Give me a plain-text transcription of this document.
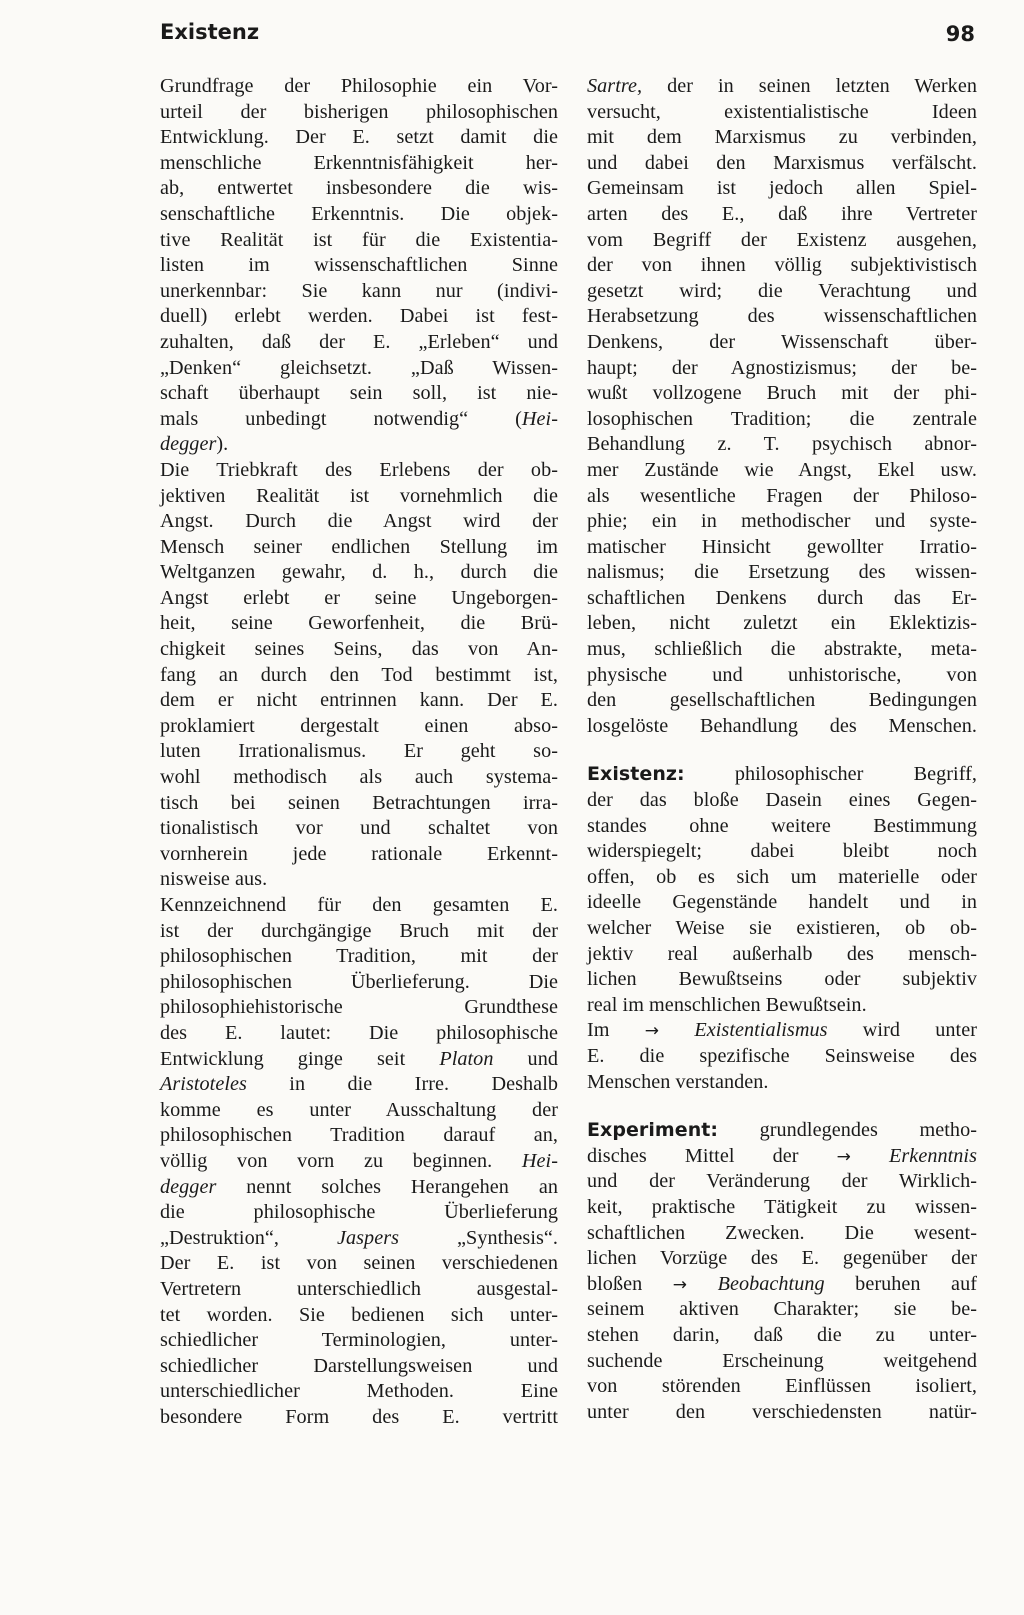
Existenz	98
Grundfrage der Philosophie ein Vor-
urteil der bisherigen philosophischen
Entwicklung. Der E. setzt damit die
menschliche Erkenntnisfähigkeit her-
ab, entwertet insbesondere die wis-
senschaftliche Erkenntnis. Die objek-
tive Realität ist für die Existentia-
listen im wissenschaftlichen Sinne
unerkennbar: Sie kann nur (indivi-
duell) erlebt werden. Dabei ist fest-
zuhalten, daß der E. „Erleben“ und
„Denken“ gleichsetzt. „Daß Wissen-
schaft überhaupt sein soll, ist nie-
mals unbedingt notwendig“ (Hei-
degger).
Die Triebkraft des Erlebens der ob-
jektiven Realität ist vornehmlich die
Angst. Durch die Angst wird der
Mensch seiner endlichen Stellung im
Weltganzen gewahr, d. h., durch die
Angst erlebt er seine Ungeborgen-
heit, seine Geworfenheit, die Brü-
chigkeit seines Seins, das von An-
fang an durch den Tod bestimmt ist,
dem er nicht entrinnen kann. Der E.
proklamiert dergestalt einen abso-
luten Irrationalismus. Er geht so-
wohl methodisch als auch systema-
tisch bei seinen Betrachtungen irra-
tionalistisch vor und schaltet von
vornherein jede rationale Erkennt-
nisweise aus.
Kennzeichnend für den gesamten E.
ist der durchgängige Bruch mit der
philosophischen Tradition, mit der
philosophischen Überlieferung. Die
philosophiehistorische Grundthese
des E. lautet: Die philosophische
Entwicklung ginge seit Platon und
Aristoteles in die Irre. Deshalb
komme es unter Ausschaltung der
philosophischen Tradition darauf an,
völlig von vorn zu beginnen. Hei-
degger nennt solches Herangehen an
die philosophische Überlieferung
„Destruktion“, Jaspers „Synthesis“.
Der E. ist von seinen verschiedenen
Vertretern unterschiedlich ausgestal-
tet worden. Sie bedienen sich unter-
schiedlicher Terminologien, unter-
schiedlicher Darstellungsweisen und
unterschiedlicher Methoden. Eine
besondere Form des E. vertritt
Sartre, der in seinen letzten Werken
versucht, existentialistische Ideen
mit dem Marxismus zu verbinden,
und dabei den Marxismus verfälscht.
Gemeinsam ist jedoch allen Spiel-
arten des E., daß ihre Vertreter
vom Begriff der Existenz ausgehen,
der von ihnen völlig subjektivistisch
gesetzt wird; die Verachtung und
Herabsetzung des wissenschaftlichen
Denkens, der Wissenschaft über-
haupt; der Agnostizismus; der be-
wußt vollzogene Bruch mit der phi-
losophischen Tradition; die zentrale
Behandlung z. T. psychisch abnor-
mer Zustände wie Angst, Ekel usw.
als wesentliche Fragen der Philoso-
phie; ein in methodischer und syste-
matischer Hinsicht gewollter Irratio-
nalismus; die Ersetzung des wissen-
schaftlichen Denkens durch das Er-
leben, nicht zuletzt ein Eklektizis-
mus, schließlich die abstrakte, meta-
physische und unhistorische, von
den gesellschaftlichen Bedingungen
losgelöste Behandlung des Menschen.
Existenz: philosophischer Begriff,
der das bloße Dasein eines Gegen-
standes ohne weitere Bestimmung
widerspiegelt; dabei bleibt noch
offen, ob es sich um materielle oder
ideelle Gegenstände handelt und in
welcher Weise sie existieren, ob ob-
jektiv real außerhalb des mensch-
lichen Bewußtseins oder subjektiv
real im menschlichen Bewußtsein.
Im → Existentialismus wird unter
E. die spezifische Seinsweise des
Menschen verstanden.
Experiment: grundlegendes metho-
disches Mittel der → Erkenntnis
und der Veränderung der Wirklich-
keit, praktische Tätigkeit zu wissen-
schaftlichen Zwecken. Die wesent-
lichen Vorzüge des E. gegenüber der
bloßen → Beobachtung beruhen auf
seinem aktiven Charakter; sie be-
stehen darin, daß die zu unter-
suchende Erscheinung weitgehend
von störenden Einflüssen isoliert,
unter den verschiedensten natür-
